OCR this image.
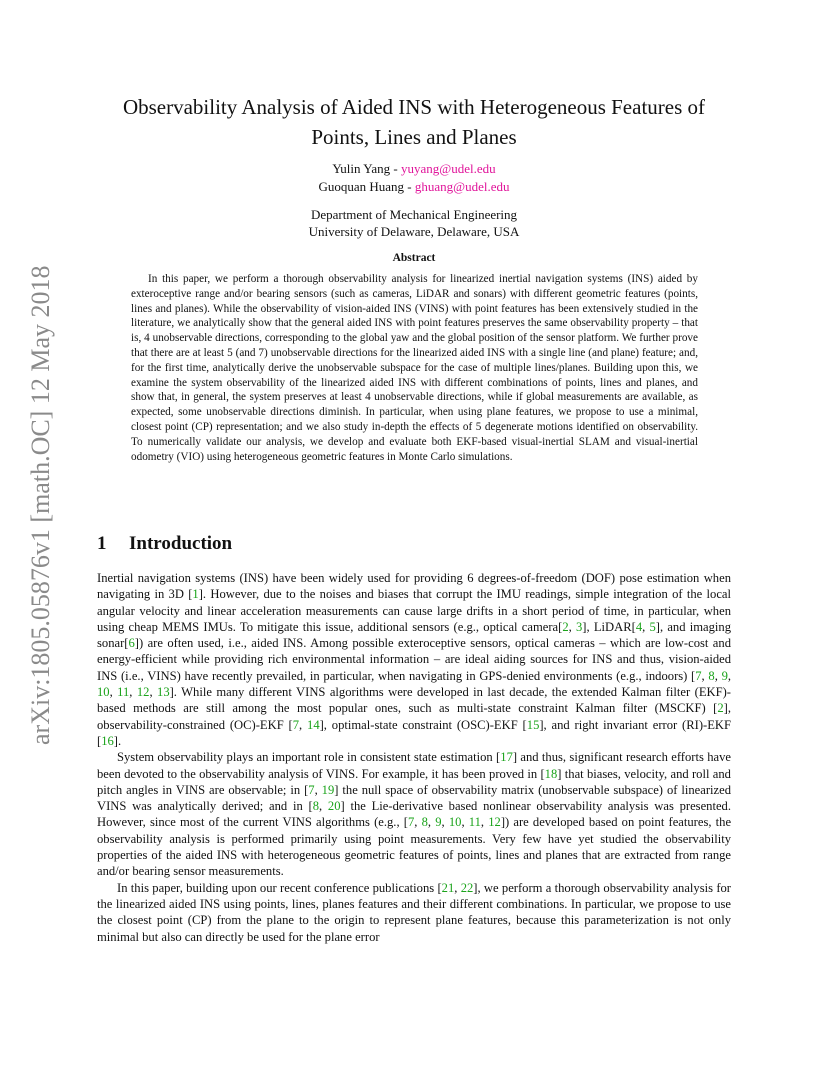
arXiv:1805.05876v1 [math.OC] 12 May 2018
Observability Analysis of Aided INS with Heterogeneous Features of Points, Lines and Planes
Yulin Yang - yuyang@udel.edu
Guoquan Huang - ghuang@udel.edu
Department of Mechanical Engineering
University of Delaware, Delaware, USA
Abstract

In this paper, we perform a thorough observability analysis for linearized inertial navigation systems (INS) aided by exteroceptive range and/or bearing sensors (such as cameras, LiDAR and sonars) with different geometric features (points, lines and planes). While the observability of vision-aided INS (VINS) with point features has been extensively studied in the literature, we analytically show that the general aided INS with point features preserves the same observability property – that is, 4 unobservable directions, corresponding to the global yaw and the global position of the sensor platform. We further prove that there are at least 5 (and 7) unobservable directions for the linearized aided INS with a single line (and plane) feature; and, for the first time, analytically derive the unobservable subspace for the case of multiple lines/planes. Building upon this, we examine the system observability of the linearized aided INS with different combinations of points, lines and planes, and show that, in general, the system preserves at least 4 unobservable directions, while if global measurements are available, as expected, some unobservable directions diminish. In particular, when using plane features, we propose to use a minimal, closest point (CP) representation; and we also study in-depth the effects of 5 degenerate motions identified on observability. To numerically validate our analysis, we develop and evaluate both EKF-based visual-inertial SLAM and visual-inertial odometry (VIO) using heterogeneous geometric features in Monte Carlo simulations.

1 Introduction

Inertial navigation systems (INS) have been widely used for providing 6 degrees-of-freedom (DOF) pose estimation when navigating in 3D [1]. However, due to the noises and biases that corrupt the IMU readings, simple integration of the local angular velocity and linear acceleration measurements can cause large drifts in a short period of time, in particular, when using cheap MEMS IMUs. To mitigate this issue, additional sensors (e.g., optical camera[2, 3], LiDAR[4, 5], and imaging sonar[6]) are often used, i.e., aided INS. Among possible exteroceptive sensors, optical cameras – which are low-cost and energy-efficient while providing rich environmental information – are ideal aiding sources for INS and thus, vision-aided INS (i.e., VINS) have recently prevailed, in particular, when navigating in GPS-denied environments (e.g., indoors) [7, 8, 9, 10, 11, 12, 13]. While many different VINS algorithms were developed in last decade, the extended Kalman filter (EKF)-based methods are still among the most popular ones, such as multi-state constraint Kalman filter (MSCKF) [2], observability-constrained (OC)-EKF [7, 14], optimal-state constraint (OSC)-EKF [15], and right invariant error (RI)-EKF [16].

System observability plays an important role in consistent state estimation [17] and thus, significant research efforts have been devoted to the observability analysis of VINS. For example, it has been proved in [18] that biases, velocity, and roll and pitch angles in VINS are observable; in [7, 19] the null space of observability matrix (unobservable subspace) of linearized VINS was analytically derived; and in [8, 20] the Lie-derivative based nonlinear observability analysis was presented. However, since most of the current VINS algorithms (e.g., [7, 8, 9, 10, 11, 12]) are developed based on point features, the observability analysis is performed primarily using point measurements. Very few have yet studied the observability properties of the aided INS with heterogeneous geometric features of points, lines and planes that are extracted from range and/or bearing sensor measurements.

In this paper, building upon our recent conference publications [21, 22], we perform a thorough observability analysis for the linearized aided INS using points, lines, planes features and their different combinations. In particular, we propose to use the closest point (CP) from the plane to the origin to represent plane features, because this parameterization is not only minimal but also can directly be used for the plane error
